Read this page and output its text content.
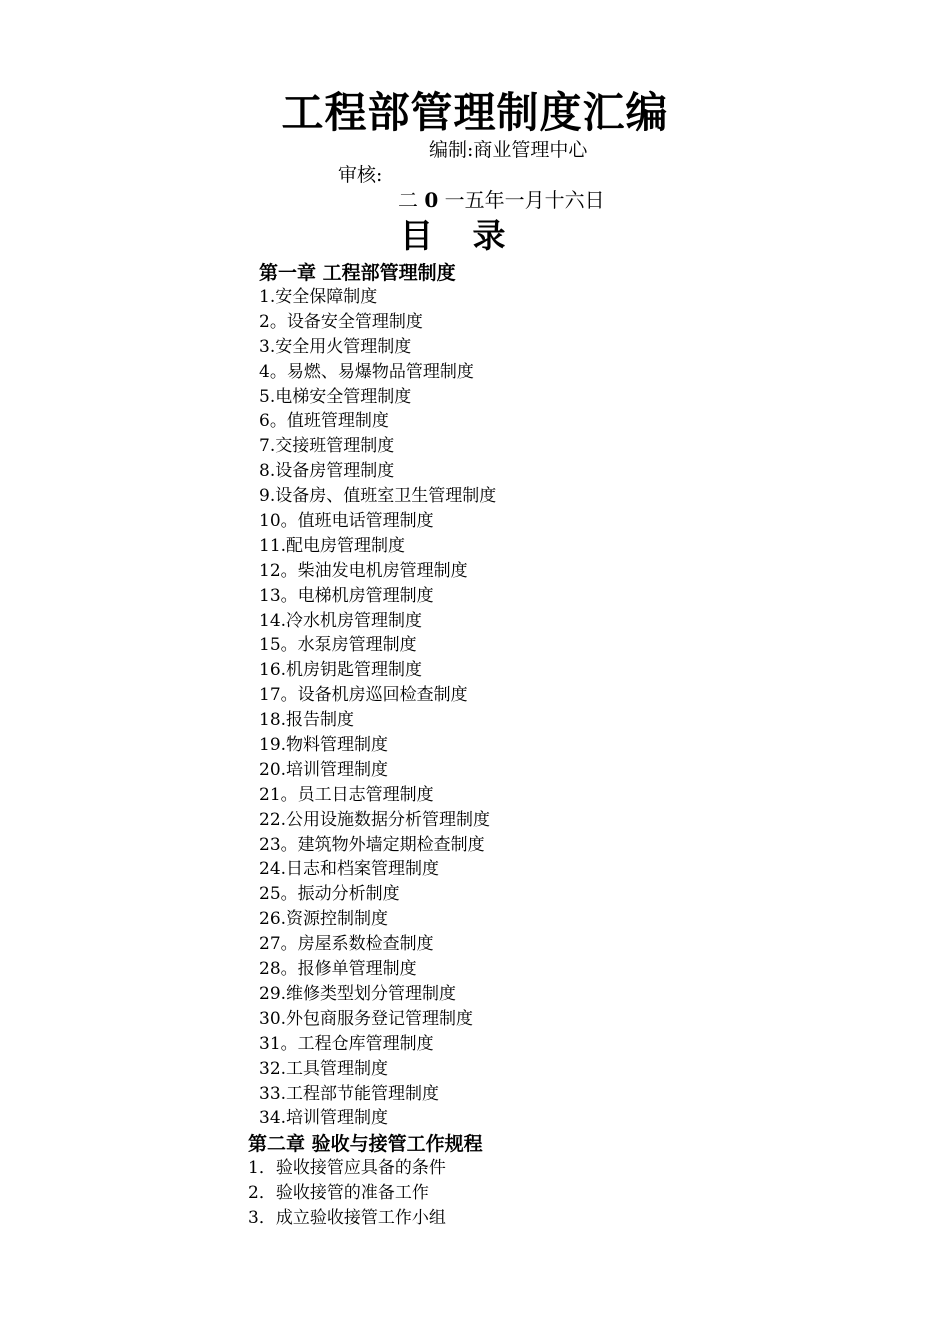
工程部管理制度汇编
编制:商业管理中心
审核:
二 0 一五年一月十六日
目 录
第一章 工程部管理制度
1.安全保障制度
2。设备安全管理制度
3.安全用火管理制度
4。易燃、易爆物品管理制度
5.电梯安全管理制度
6。值班管理制度
7.交接班管理制度
8.设备房管理制度
9.设备房、值班室卫生管理制度
10。值班电话管理制度
11.配电房管理制度
12。柴油发电机房管理制度
13。电梯机房管理制度
14.冷水机房管理制度
15。水泵房管理制度
16.机房钥匙管理制度
17。设备机房巡回检查制度
18.报告制度
19.物料管理制度
20.培训管理制度
21。员工日志管理制度
22.公用设施数据分析管理制度
23。建筑物外墙定期检查制度
24.日志和档案管理制度
25。振动分析制度
26.资源控制制度
27。房屋系数检查制度
28。报修单管理制度
29.维修类型划分管理制度
30.外包商服务登记管理制度
31。工程仓库管理制度
32.工具管理制度
33.工程部节能管理制度
34.培训管理制度
第二章 验收与接管工作规程
1．验收接管应具备的条件
2．验收接管的准备工作
3．成立验收接管工作小组
